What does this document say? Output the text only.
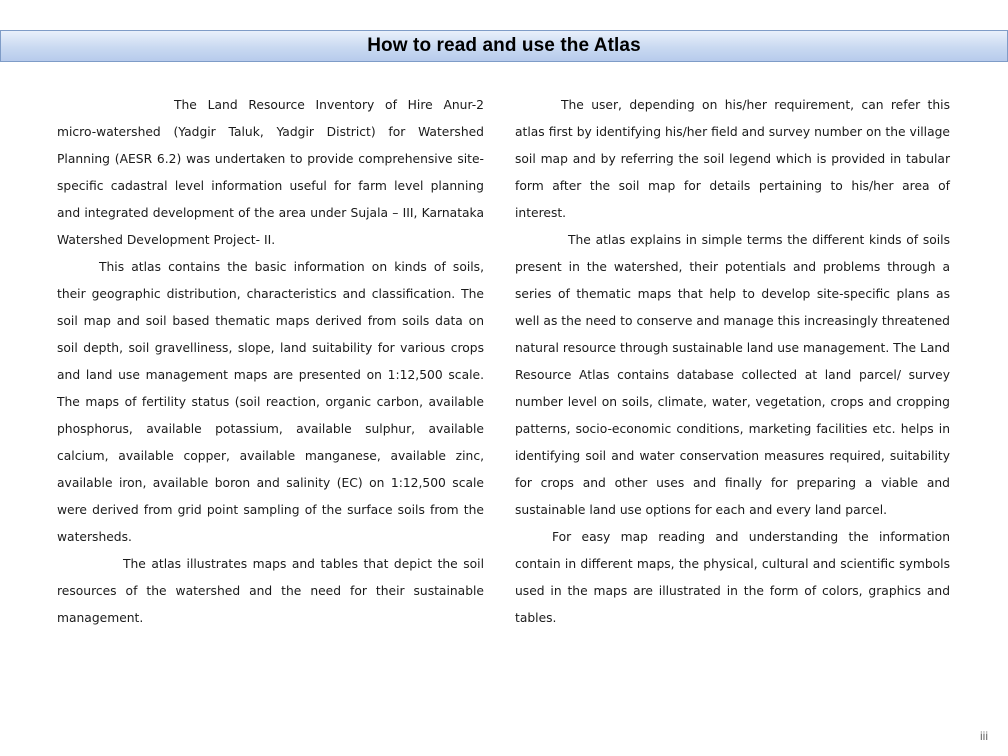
How to read and use the Atlas

The Land Resource Inventory of Hire Anur-2 micro-watershed (Yadgir Taluk, Yadgir District) for Watershed Planning (AESR 6.2) was undertaken to provide comprehensive site-specific cadastral level information useful for farm level planning and integrated development of the area under Sujala – III, Karnataka Watershed Development Project- II.

This atlas contains the basic information on kinds of soils, their geographic distribution, characteristics and classification. The soil map and soil based thematic maps derived from soils data on soil depth, soil gravelliness, slope, land suitability for various crops and land use management maps are presented on 1:12,500 scale. The maps of fertility status (soil reaction, organic carbon, available phosphorus, available potassium, available sulphur, available calcium, available copper, available manganese, available zinc, available iron, available boron and salinity (EC) on 1:12,500 scale were derived from grid point sampling of the surface soils from the watersheds.

The atlas illustrates maps and tables that depict the soil resources of the watershed and the need for their sustainable management.

The user, depending on his/her requirement, can refer this atlas first by identifying his/her field and survey number on the village soil map and by referring the soil legend which is provided in tabular form after the soil map for details pertaining to his/her area of interest.

The atlas explains in simple terms the different kinds of soils present in the watershed, their potentials and problems through a series of thematic maps that help to develop site-specific plans as well as the need to conserve and manage this increasingly threatened natural resource through sustainable land use management. The Land Resource Atlas contains database collected at land parcel/ survey number level on soils, climate, water, vegetation, crops and cropping patterns, socio-economic conditions, marketing facilities etc. helps in identifying soil and water conservation measures required, suitability for crops and other uses and finally for preparing a viable and sustainable land use options for each and every land parcel.

For easy map reading and understanding the information contain in different maps, the physical, cultural and scientific symbols used in the maps are illustrated in the form of colors, graphics and tables.

iii
